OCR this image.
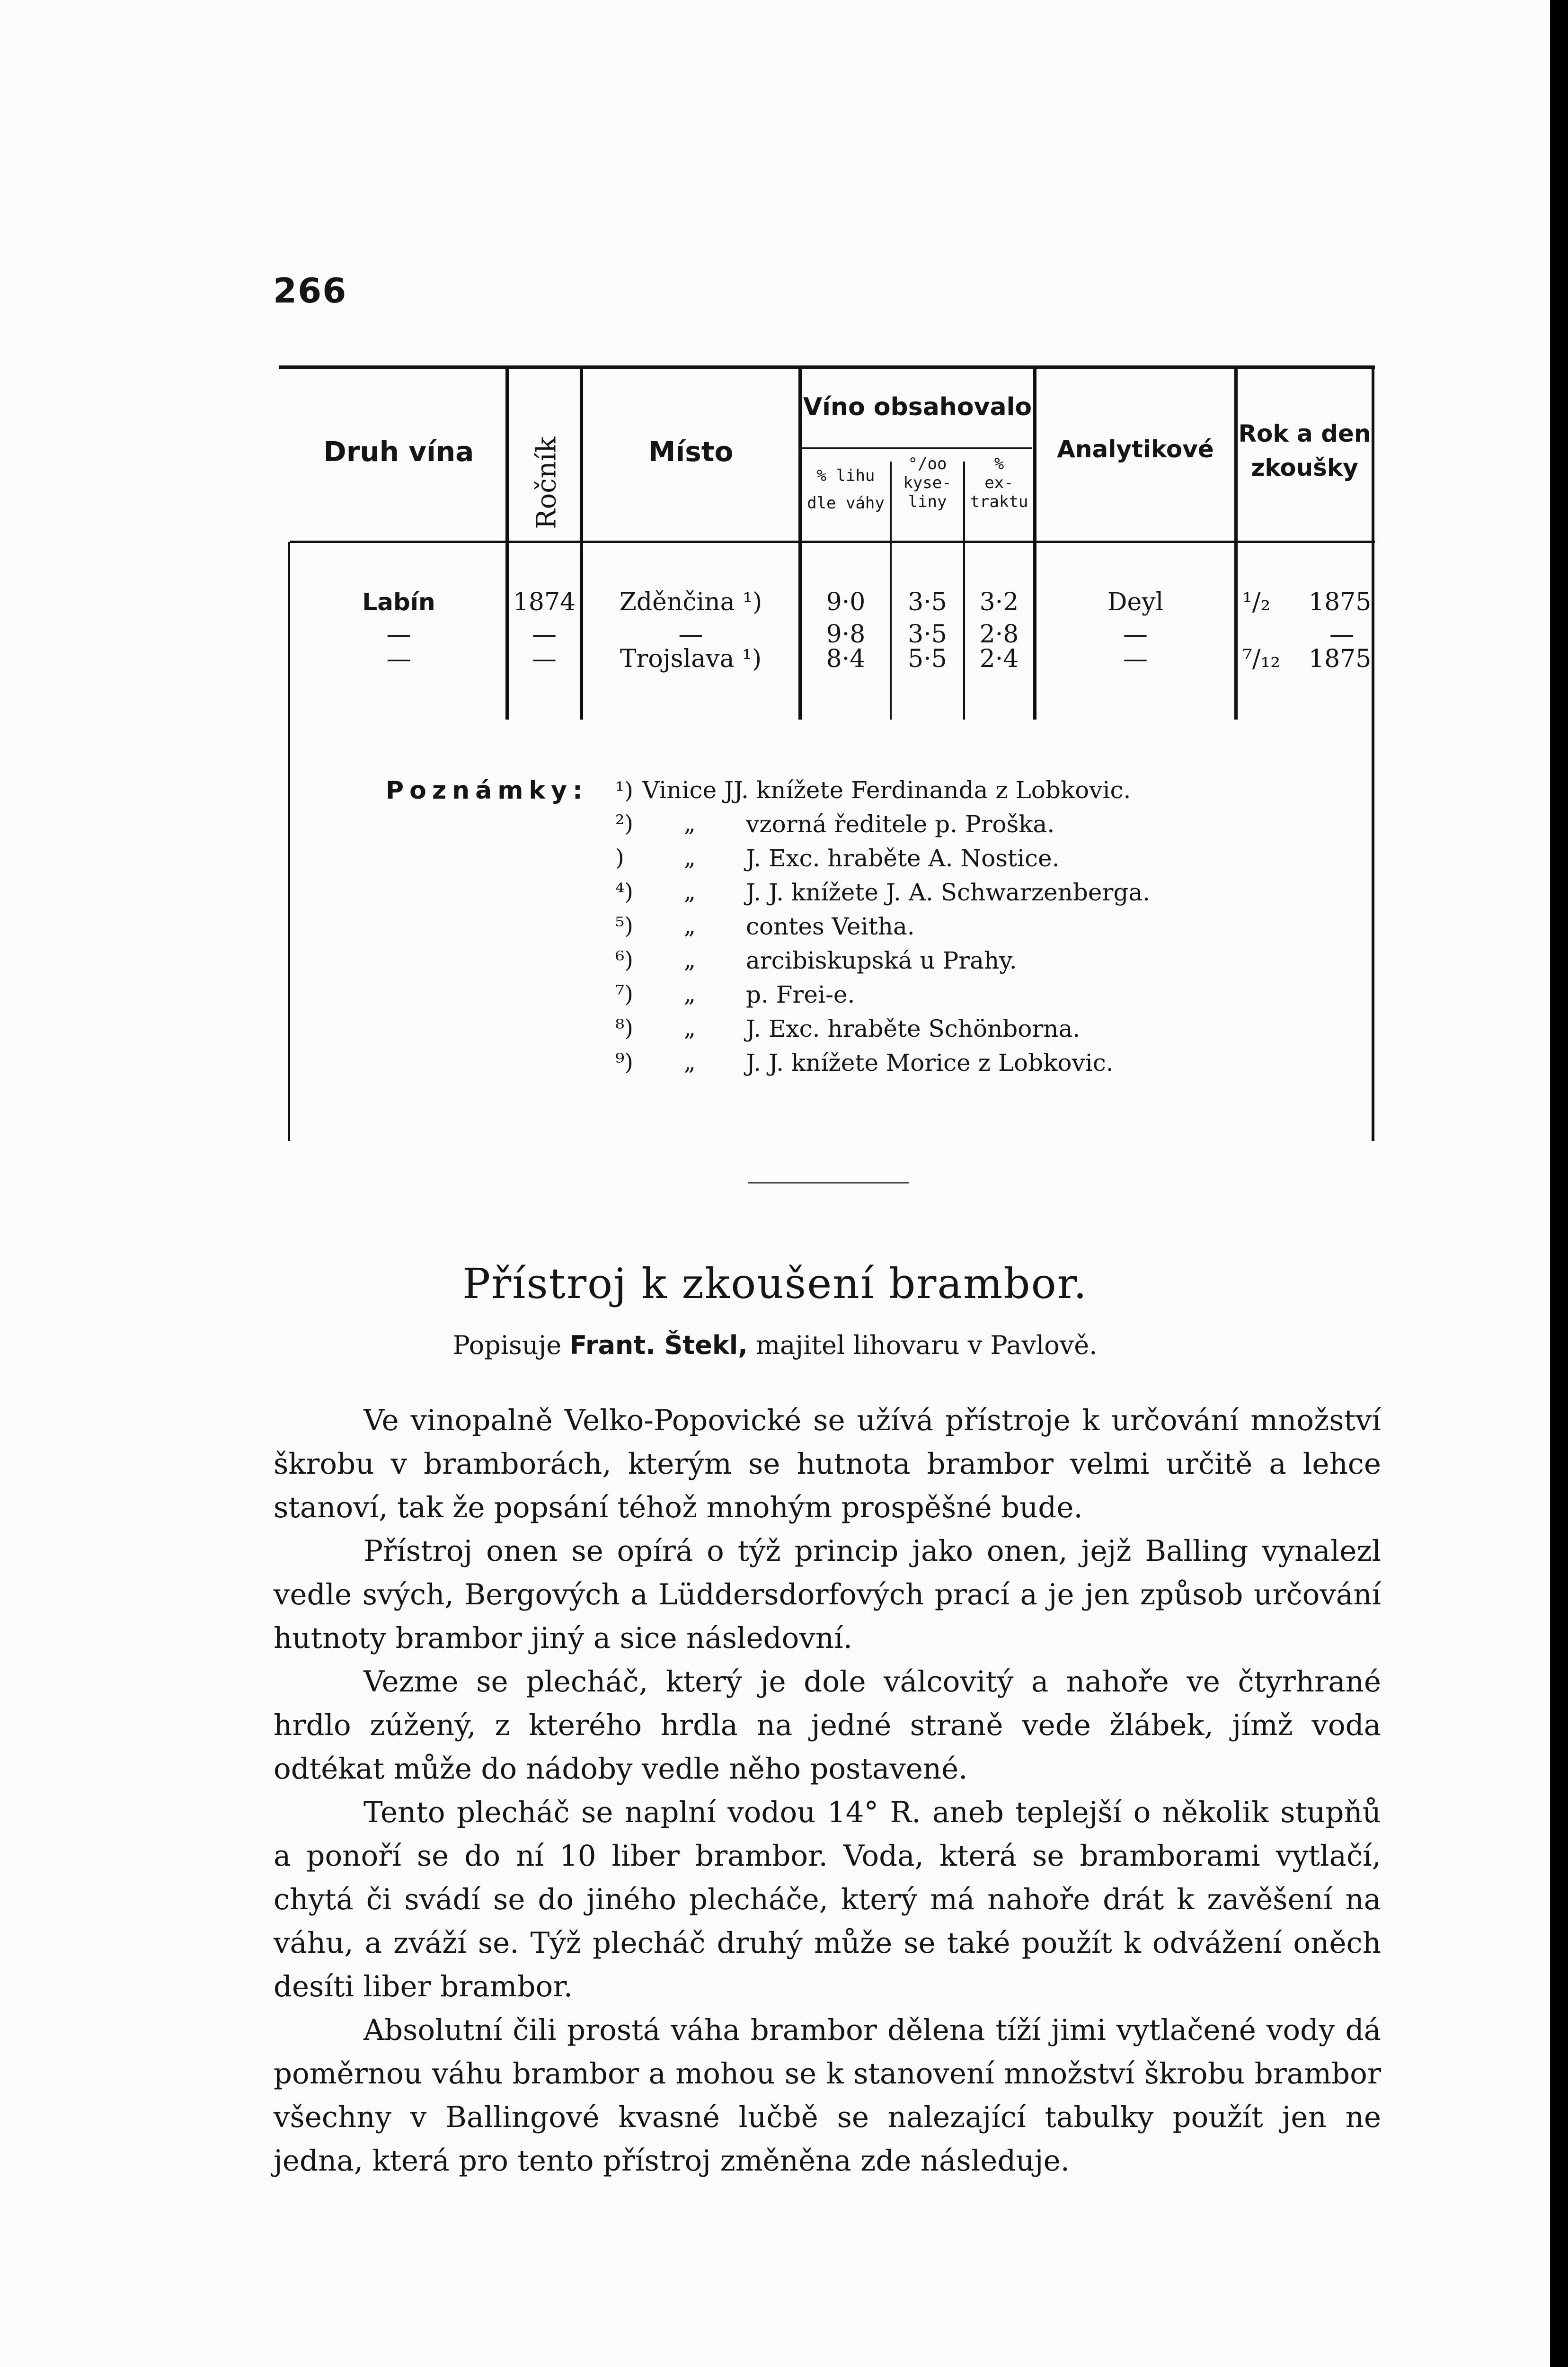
266
Druh vína	Ročník	Místo
Víno obsahovalo
% lihu
dle váhy
°/oo
kyse-
liny
%
ex-
traktu
Analytikové
Rok a den
zkoušky
Labín	1874	Zděnčina ¹)	9·0	3·5	3·2	Deyl	¹/₂	1875
—	—	—	9·8	3·5	2·8	—	—
—	—	Trojslava ¹)	8·4	5·5	2·4	—	⁷/₁₂	1875
Poznámky: ¹) Vinice JJ. knížete Ferdinanda z Lobkovic.
²) „ vzorná ředitele p. Proška.
)	„ J. Exc. hraběte A. Nostice.
⁴) „ J. J. knížete J. A. Schwarzenberga.
⁵) „ contes Veitha.
⁶) „ arcibiskupská u Prahy.
⁷) „ p. Frei-e.
⁸) „ J. Exc. hraběte Schönborna.
⁹) „ J. J. knížete Morice z Lobkovic.
Přístroj k zkoušení brambor.
Popisuje Frant. Štekl, majitel lihovaru v Pavlově.

Ve vinopalně Velko-Popovické se užívá přístroje k určování množství škrobu v bramborách, kterým se hutnota brambor velmi určitě a lehce stanoví, tak že popsání téhož mnohým prospěšné bude.

Přístroj onen se opírá o týž princip jako onen, jejž Balling vynalezl vedle svých, Bergových a Lüddersdorfových prací a je jen způsob určování hutnoty brambor jiný a sice následovní.

Vezme se plecháč, který je dole válcovitý a nahoře ve čtyrhrané hrdlo zúžený, z kterého hrdla na jedné straně vede žlábek, jímž voda odtékat může do nádoby vedle něho postavené.

Tento plecháč se naplní vodou 14° R. aneb teplejší o několik stupňů a ponoří se do ní 10 liber brambor. Voda, která se bramborami vytlačí, chytá či svádí se do jiného plecháče, který má nahoře drát k zavěšení na váhu, a zváží se. Týž plecháč druhý může se také použít k odvážení oněch desíti liber brambor.

Absolutní čili prostá váha brambor dělena tíží jimi vytlačené vody dá poměrnou váhu brambor a mohou se k stanovení množství škrobu brambor všechny v Ballingové kvasné lučbě se nalezající tabulky použít jen ne jedna, která pro tento přístroj změněna zde následuje.
